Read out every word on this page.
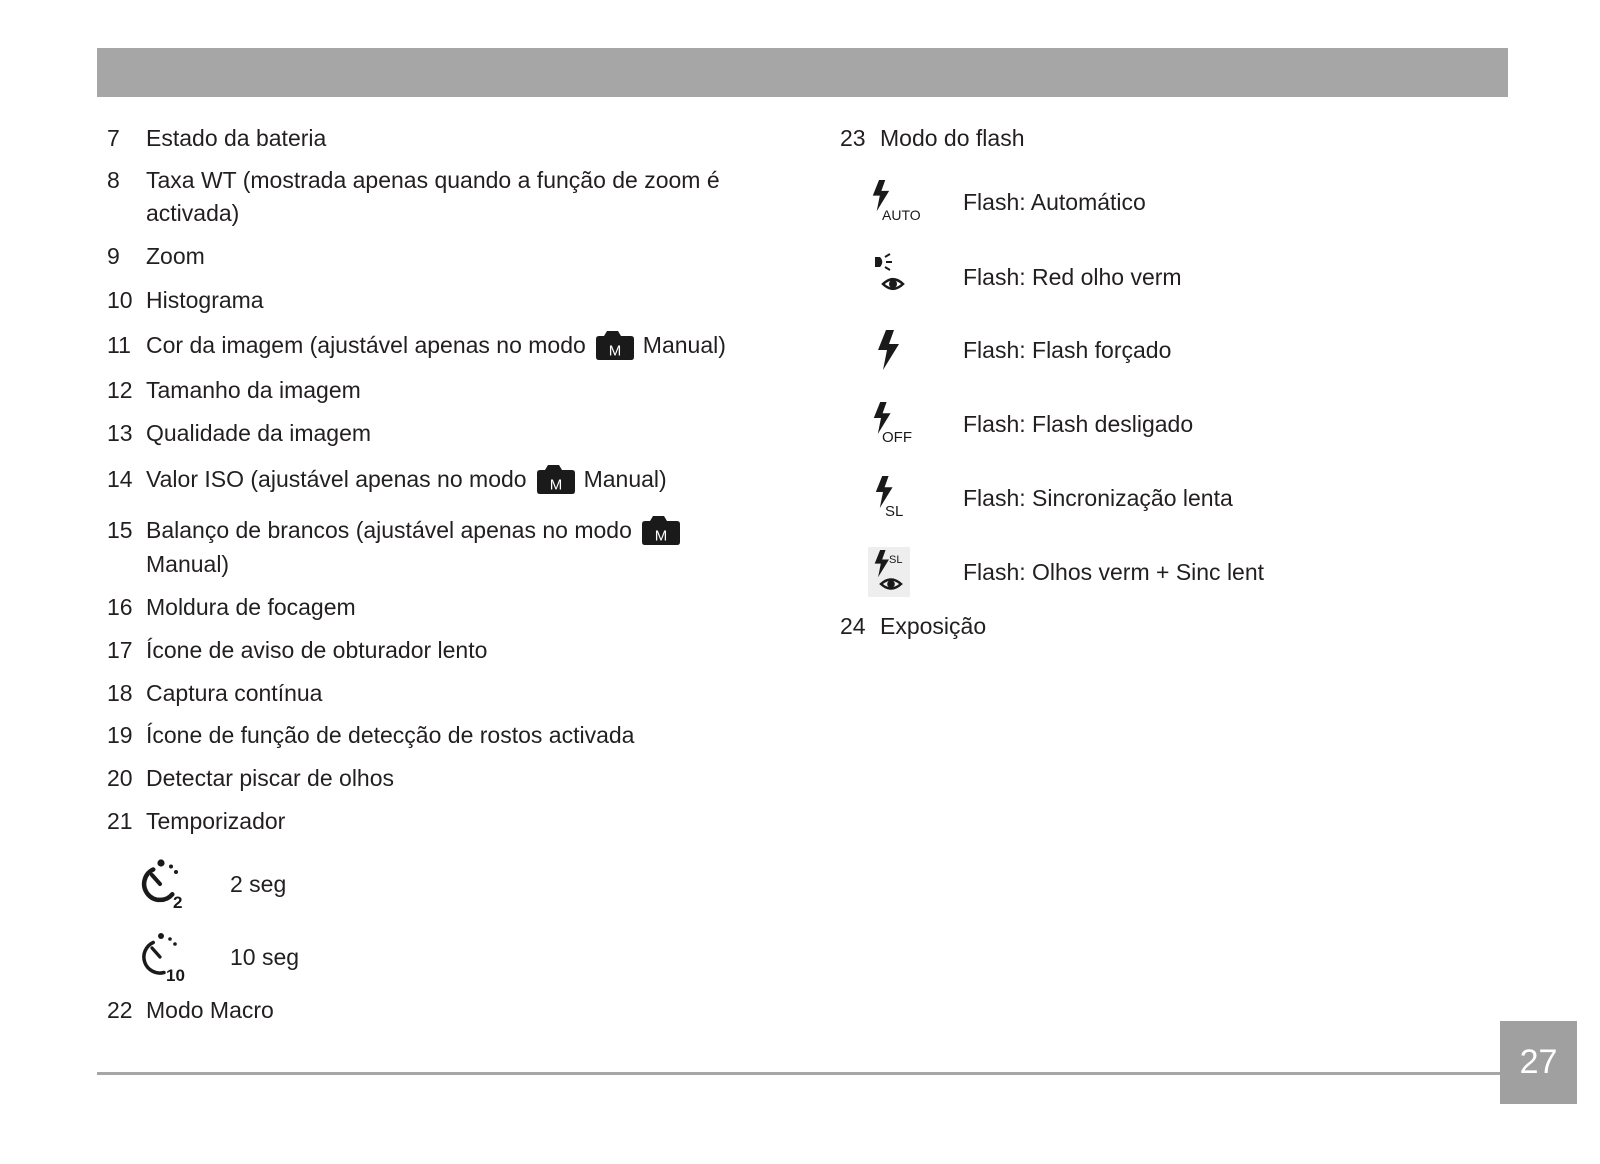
7	Estado da bateria
8	Taxa WT (mostrada apenas quando a função de zoom é
activada)
9	Zoom
10 Histograma
11 Cor da imagem (ajustável apenas no modo M Manual)
12 Tamanho da imagem
13 Qualidade da imagem
14 Valor ISO (ajustável apenas no modo M Manual)
15 Balanço de brancos (ajustável apenas no modo M
Manual)
16 Moldura de focagem
17 Ícone de aviso de obturador lento
18 Captura contínua
19 Ícone de função de detecção de rostos activada
20 Detectar piscar de olhos
21 Temporizador
2
2 seg
10
10 seg
22 Modo Macro
23 Modo do flash
AUTO
Flash: Automático
Flash: Red olho verm
Flash: Flash forçado
OFF
Flash: Flash desligado
SL
Flash: Sincronização lenta
SL	Flash: Olhos verm + Sinc lent
24 Exposição
27
